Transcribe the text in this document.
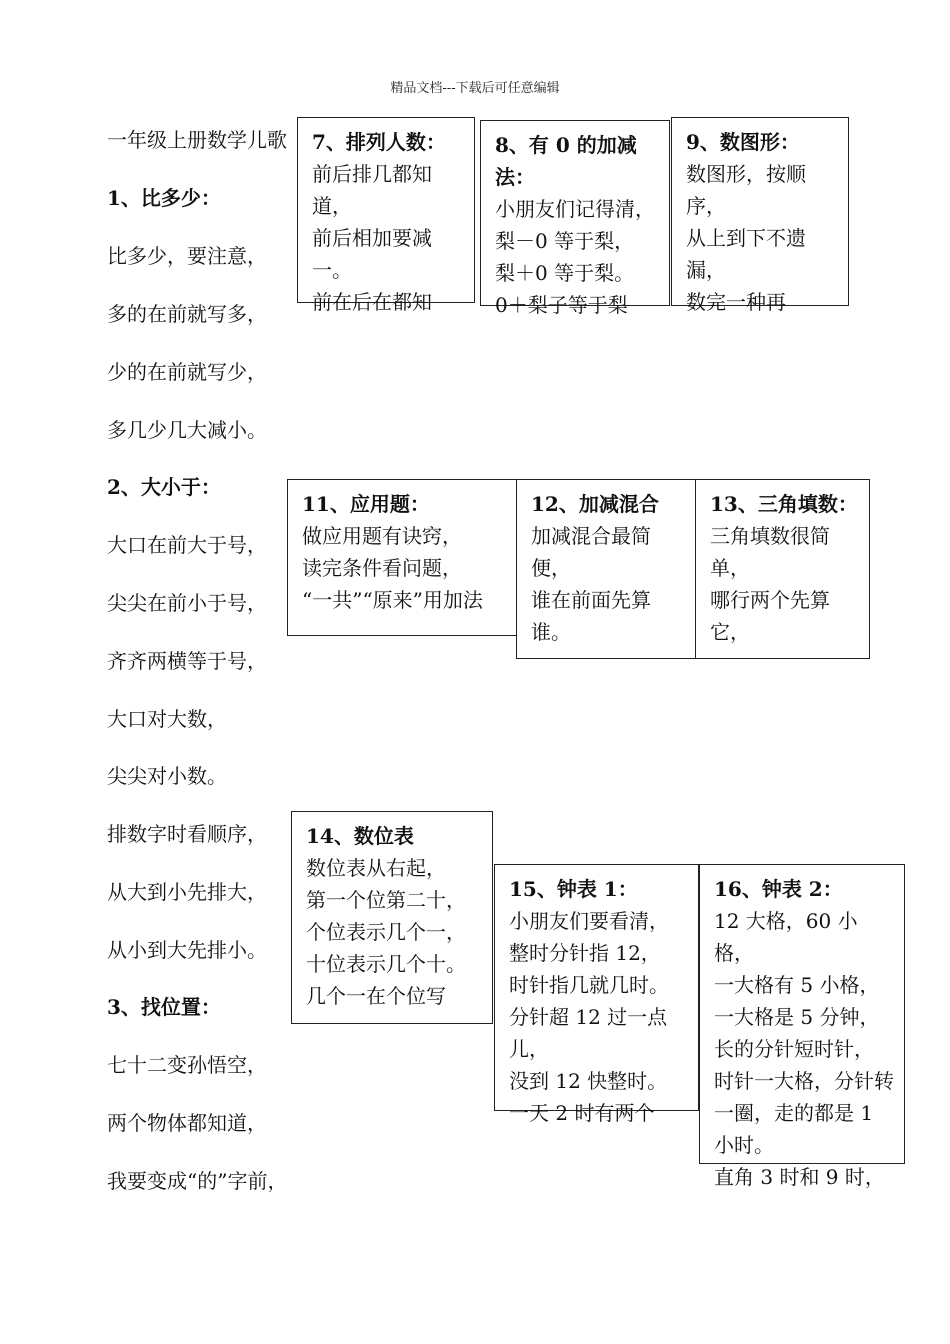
精品文档---下载后可任意编辑
一年级上册数学儿歌
1、比多少：
比多少，要注意，
多的在前就写多，
少的在前就写少，
多几少几大减小。
2、大小于：
大口在前大于号，
尖尖在前小于号，
齐齐两横等于号，
大口对大数，
尖尖对小数。
排数字时看顺序，
从大到小先排大，
从小到大先排小。
3、找位置：
七十二变孙悟空，
两个物体都知道，
我要变成“的”字前，
7、排列人数：
前后排几都知道，
前后相加要减一。
前在后在都知
8、有 0 的加减法：
小朋友们记得清，
梨－0 等于梨，
梨＋0 等于梨。
0＋梨子等于梨
9、数图形：
数图形，按顺序，
从上到下不遗漏，
数完一种再
11、应用题：
做应用题有诀窍，
读完条件看问题，
“一共”“原来”用加法
12、加减混合
加减混合最简便，
谁在前面先算谁。
13、三角填数：
三角填数很简单，
哪行两个先算它，
14、数位表
数位表从右起，
第一个位第二十，
个位表示几个一，
十位表示几个十。
几个一在个位写
15、钟表 1：
小朋友们要看清，
整时分针指 12，
时针指几就几时。
分针超 12 过一点儿，
没到 12 快整时。
一天 2 时有两个
16、钟表 2：
12 大格，60 小格，
一大格有 5 小格，
一大格是 5 分钟，
长的分针短时针，
时针一大格，分针转一圈，走的都是 1 小时。
直角 3 时和 9 时，
